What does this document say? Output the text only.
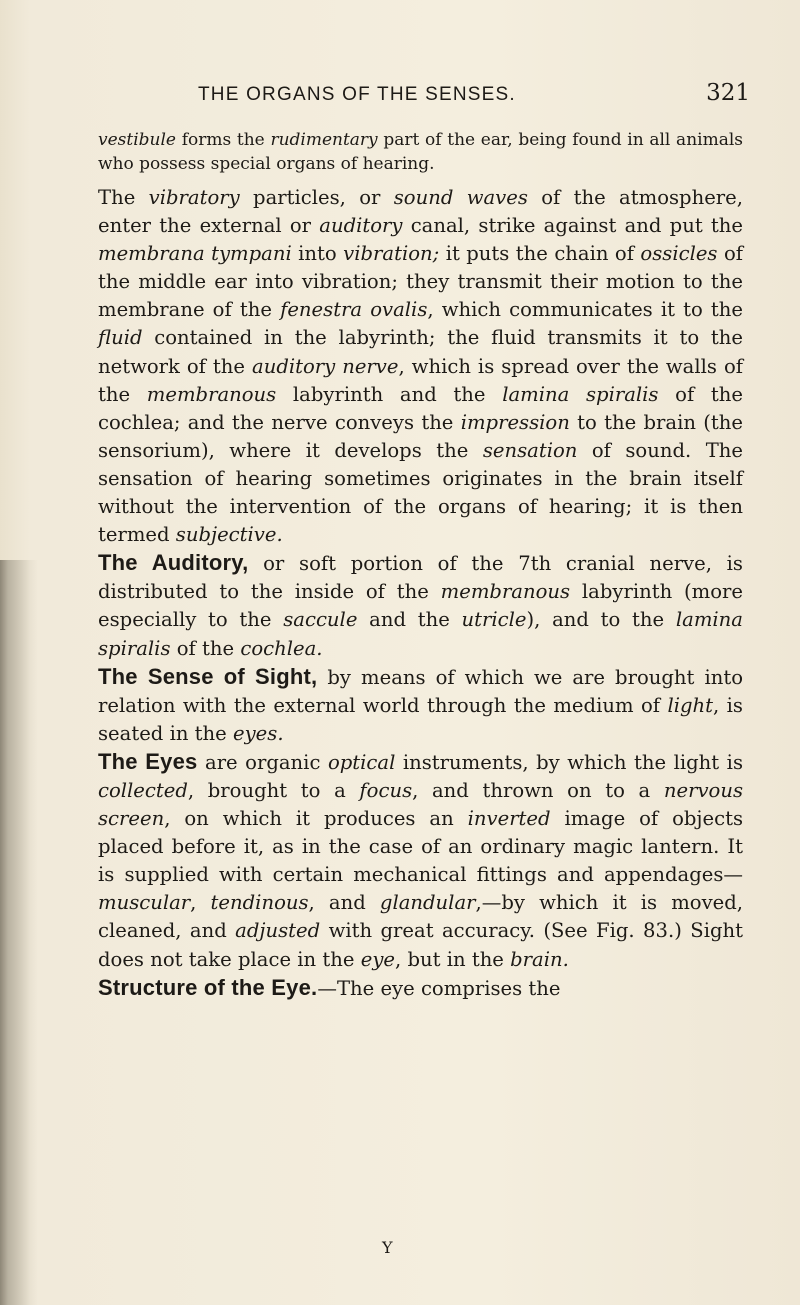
THE ORGANS OF THE SENSES.	321
vestibule forms the rudimentary part of the ear, being found in all animals who possess special organs of hearing.

The vibratory particles, or sound waves of the atmosphere, enter the external or auditory canal, strike against and put the membrana tympani into vibration; it puts the chain of ossicles of the middle ear into vibration; they transmit their motion to the membrane of the fenestra ovalis, which communicates it to the fluid contained in the labyrinth; the fluid transmits it to the network of the auditory nerve, which is spread over the walls of the membranous labyrinth and the lamina spiralis of the cochlea; and the nerve conveys the impression to the brain (the sensorium), where it develops the sensation of sound. The sensation of hearing sometimes originates in the brain itself without the intervention of the organs of hearing; it is then termed subjective.

The Auditory, or soft portion of the 7th cranial nerve, is distributed to the inside of the membranous labyrinth (more especially to the saccule and the utricle), and to the lamina spiralis of the cochlea.

The Sense of Sight, by means of which we are brought into relation with the external world through the medium of light, is seated in the eyes.

The Eyes are organic optical instruments, by which the light is collected, brought to a focus, and thrown on to a nervous screen, on which it produces an inverted image of objects placed before it, as in the case of an ordinary magic lantern. It is supplied with certain mechanical fittings and appendages—muscular, tendinous, and glandular,—by which it is moved, cleaned, and adjusted with great accuracy. (See Fig. 83.) Sight does not take place in the eye, but in the brain.

Structure of the Eye.—The eye comprises the

Y
